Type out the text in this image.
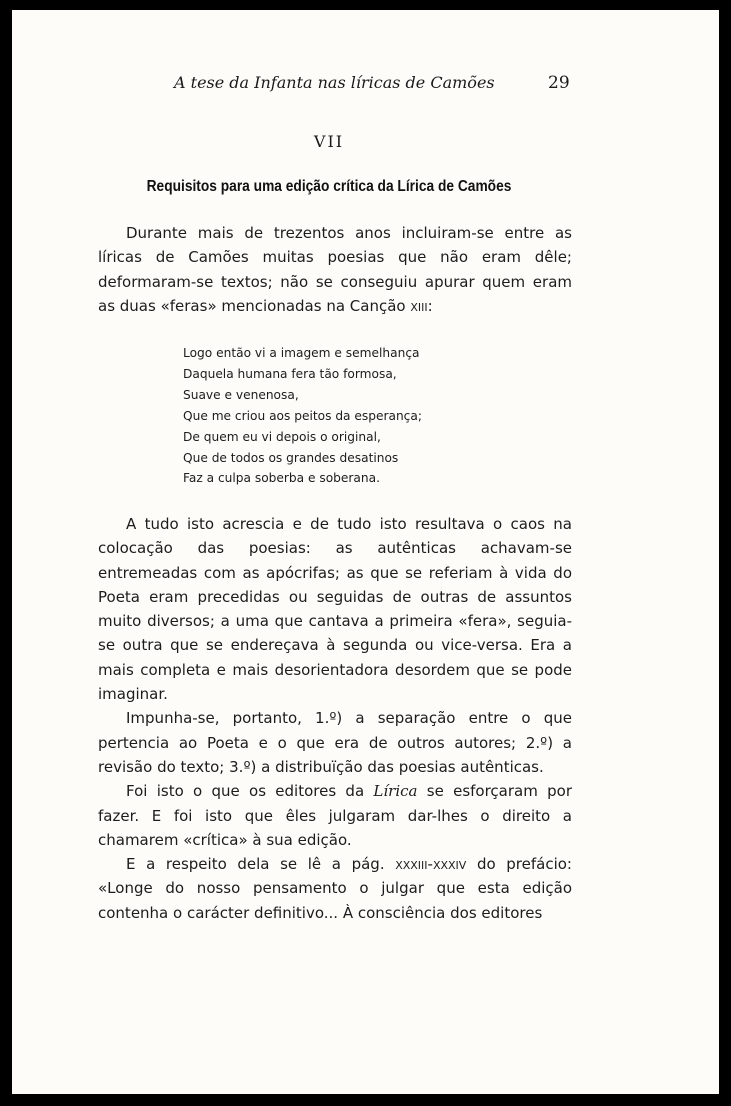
A tese da Infanta nas líricas de Camões	29
VII
Requisitos para uma edição crítica da Lírica de Camões

Durante mais de trezentos anos incluiram-se entre as líricas de Camões muitas poesias que não eram dêle; deformaram-se textos; não se conseguiu apurar quem eram as duas «feras» mencionadas na Canção xiii:

Logo então vi a imagem e semelhança
Daquela humana fera tão formosa,
Suave e venenosa,
Que me criou aos peitos da esperança;
De quem eu vi depois o original,
Que de todos os grandes desatinos
Faz a culpa soberba e soberana.

A tudo isto acrescia e de tudo isto resultava o caos na colocação das poesias: as autênticas achavam-se entremeadas com as apócrifas; as que se referiam à vida do Poeta eram precedidas ou seguidas de outras de assuntos muito diversos; a uma que cantava a primeira «fera», seguia-se outra que se endereçava à segunda ou vice-versa. Era a mais completa e mais desorientadora desordem que se pode imaginar.

Impunha-se, portanto, 1.º) a separação entre o que pertencia ao Poeta e o que era de outros autores; 2.º) a revisão do texto; 3.º) a distribuïção das poesias autênticas.

Foi isto o que os editores da Lírica se esforçaram por fazer. E foi isto que êles julgaram dar-lhes o direito a chamarem «crítica» à sua edição.

E a respeito dela se lê a pág. xxxiii-xxxiv do prefácio: «Longe do nosso pensamento o julgar que esta edição contenha o carácter definitivo... À consciência dos editores
